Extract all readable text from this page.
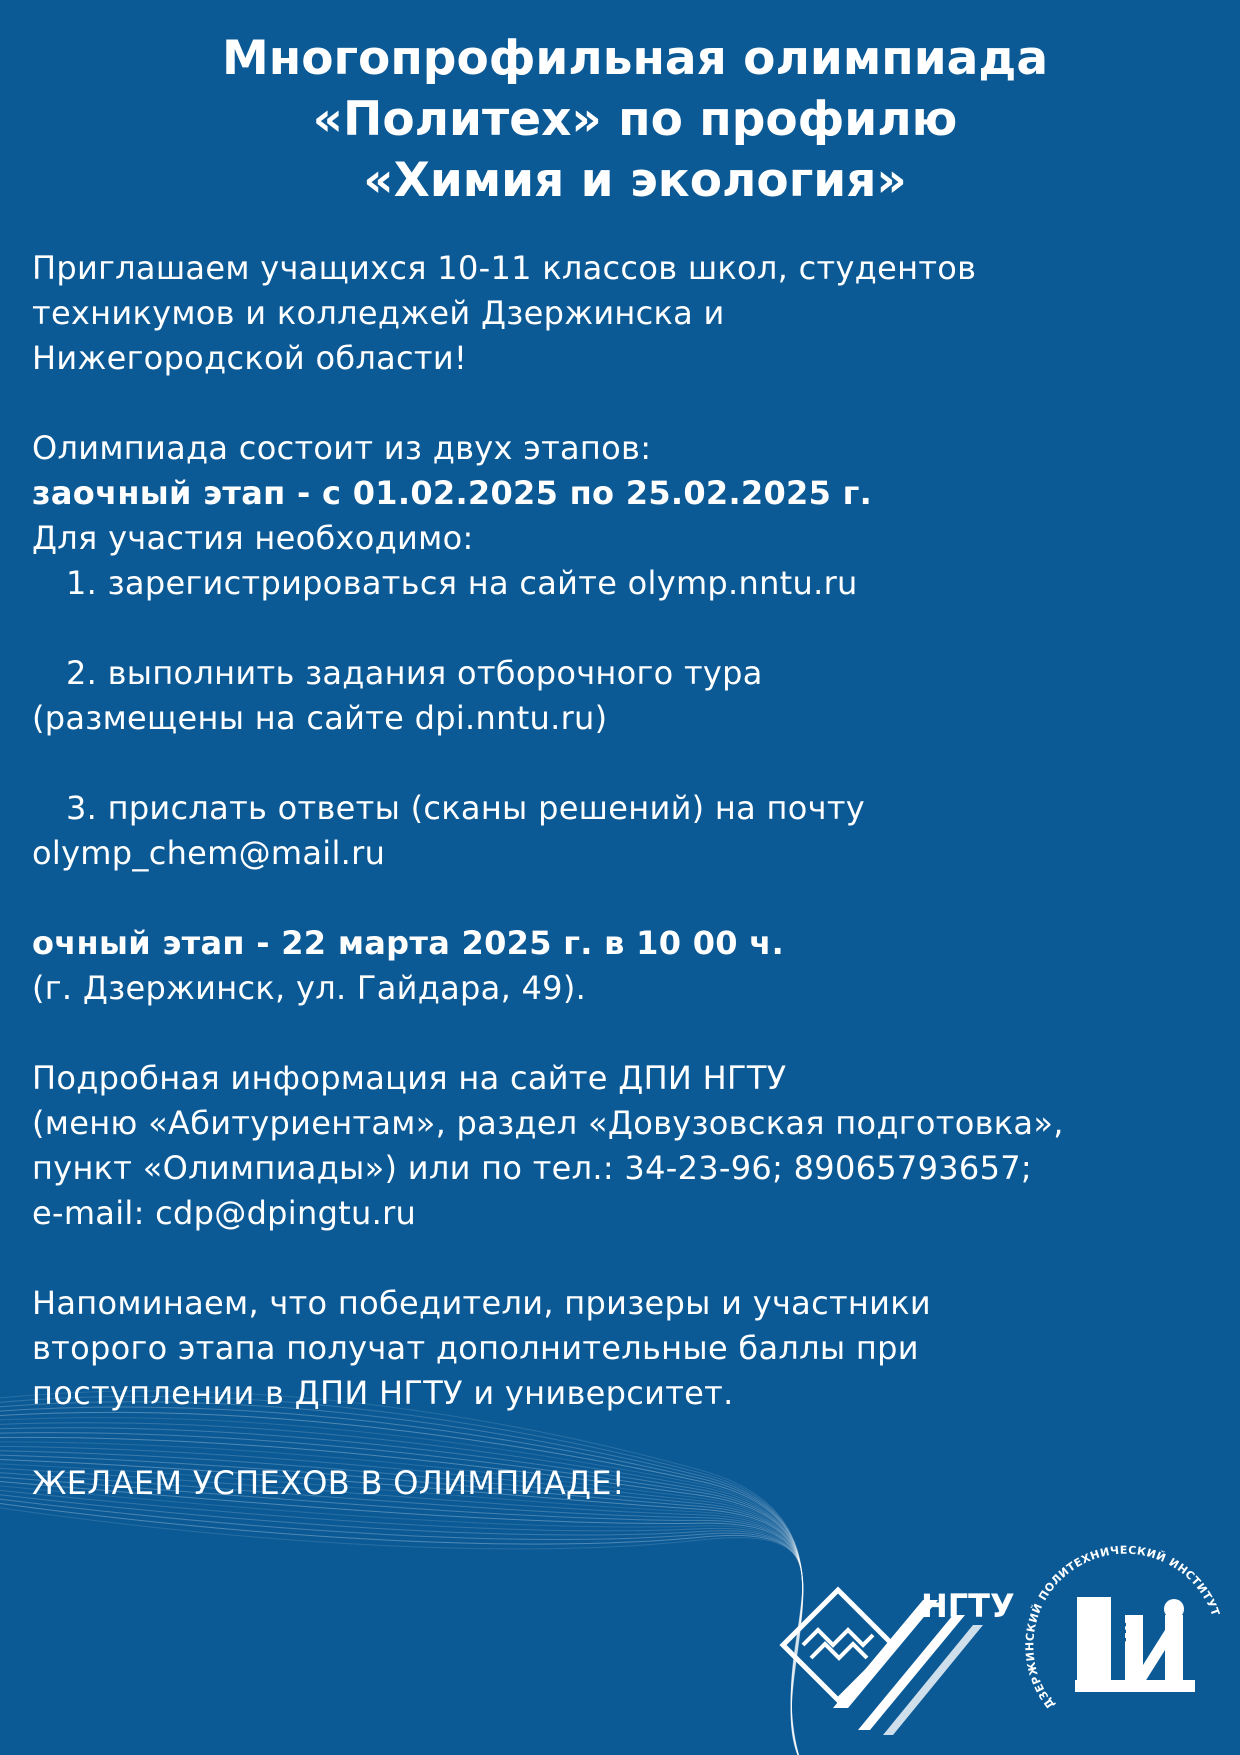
Многопрофильная олимпиада
«Политех» по профилю
«Химия и экология»
Приглашаем учащихся 10-11 классов школ, студентов
техникумов и колледжей Дзержинска и
Нижегородской области!
Олимпиада состоит из двух этапов:
заочный этап - с 01.02.2025 по 25.02.2025 г.
Для участия необходимо:
1. зарегистрироваться на сайте olymp.nntu.ru
2. выполнить задания отборочного тура
(размещены на сайте dpi.nntu.ru)
3. прислать ответы (сканы решений) на почту
olymp_chem@mail.ru
очный этап - 22 марта 2025 г. в 10 00 ч.
(г. Дзержинск, ул. Гайдара, 49).
Подробная информация на сайте ДПИ НГТУ
(меню «Абитуриентам», раздел «Довузовская подготовка»,
пункт «Олимпиады») или по тел.: 34-23-96; 89065793657;
e-mail: cdp@dpingtu.ru
Напоминаем, что победители, призеры и участники
второго этапа получат дополнительные баллы при
поступлении в ДПИ НГТУ и университет.
ЖЕЛАЕМ УСПЕХОВ В ОЛИМПИАДЕ!
НГТУ
ДЗЕРЖИНСКИЙ ПОЛИТЕХНИЧЕСКИЙ ИНСТИТУТ
НГТУ
